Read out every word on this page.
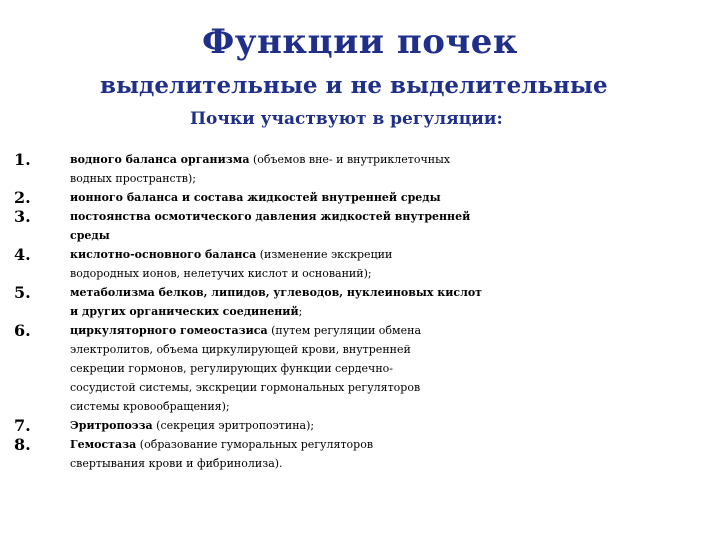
Функции почек
выделительные и не выделительные

Почки участвуют в регуляции:

1.	водного баланса организма (объемов вне- и внутриклеточных
водных пространств);
2.	ионного баланса и состава жидкостей внутренней среды
3.	постоянства осмотического давления жидкостей внутренней
среды
4.	кислотно-основного баланса (изменение экскреции
водородных ионов, нелетучих кислот и оснований);
5.	метаболизма белков, липидов, углеводов, нуклеиновых кислот
и других органических соединений;
6.	циркуляторного гомеостазиса (путем регуляции обмена
электролитов, объема циркулирующей крови, внутренней
секреции гормонов, регулирующих функции сердечно-
сосудистой системы, экскреции гормональных регуляторов
системы кровообращения);
7.	Эритропоэза (секреция эритропоэтина);
8.	Гемостаза (образование гуморальных регуляторов
свертывания крови и фибринолиза).
